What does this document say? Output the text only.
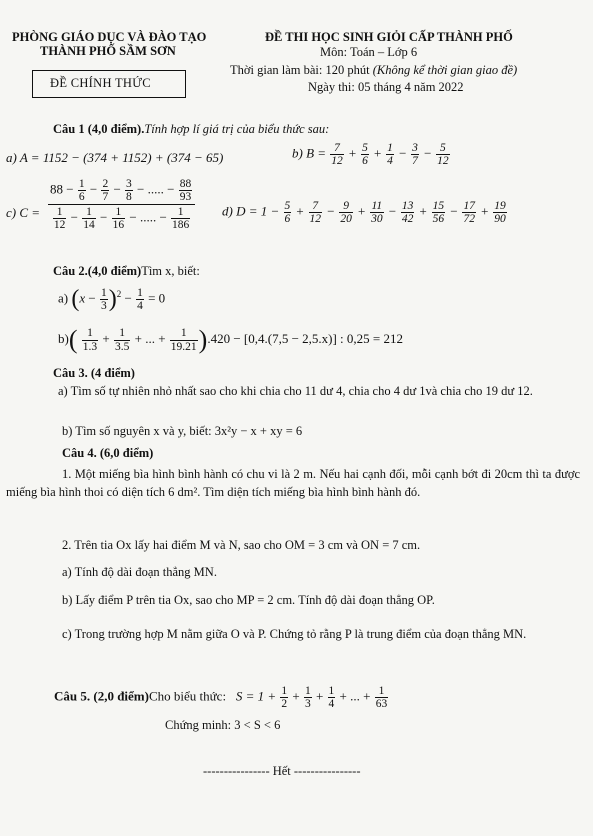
PHÒNG GIÁO DỤC VÀ ĐÀO TẠO
THÀNH PHỐ SẦM SƠN
ĐỀ CHÍNH THỨC
ĐỀ THI HỌC SINH GIỎI CẤP THÀNH PHỐ
Môn: Toán – Lớp 6
Thời gian làm bài: 120 phút (Không kể thời gian giao đề)
Ngày thi: 05 tháng 4 năm 2022
Câu 1 (4,0 điểm).Tính hợp lí giá trị của biểu thức sau:
a) A = 1152 − (374 + 1152) + (374 − 65)	b) $B = \frac{7}{12} + \frac{5}{6} + \frac{1}{4} - \frac{3}{7} - \frac{5}{12}$
c) $C = \frac{88 - \frac{1}{6} - \frac{2}{7} - \frac{3}{8} - ..... - \frac{88}{93}}{\frac{1}{12} - \frac{1}{14} - \frac{1}{16} - ..... - \frac{1}{186}} d$) $D = 1 - \frac{5}{6} + \frac{7}{12} - \frac{9}{20} + \frac{11}{30} - \frac{13}{42} + \frac{15}{56} - \frac{17}{72} + \frac{19}{90}$
Câu 2.(4,0 điểm)Tìm x, biết:
a) $(x - \frac{1}{3} )^2 - \frac{1}{4} = 0$
$b)( \frac{1}{1.3} + \frac{1}{3.5}$ + ... + $\frac{1}{19.21} ).420 - [0,4.(7,5 - 2,5.x)]$ : 0,25 = 212
Câu 3. (4 điểm)
a) Tìm số tự nhiên nhỏ nhất sao cho khi chia cho 11 dư 4, chia cho 4 dư 1và chia cho 19 dư 12.
b) Tìm số nguyên x và y, biết: 3x²y − x + xy = 6
Câu 4. (6,0 điểm)
1. Một miếng bìa hình bình hành có chu vi là 2 m. Nếu hai cạnh đối, mỗi cạnh bớt đi 20cm thì ta được miếng bìa hình thoi có diện tích 6 dm². Tìm diện tích miếng bìa hình bình hành đó.
2. Trên tia Ox lấy hai điểm M và N, sao cho OM = 3 cm và ON = 7 cm.
a) Tính độ dài đoạn thẳng MN.
b) Lấy điểm P trên tia Ox, sao cho MP = 2 cm. Tính độ dài đoạn thẳng OP.
c) Trong trường hợp M nằm giữa O và P. Chứng tỏ rằng P là trung điểm của đoạn thẳng MN.
Câu 5. (2,0 điểm)Cho biểu thức: $S = 1 + \frac{1}{2} + \frac{1}{3} + \frac{1}{4}$ + ... + $\frac{1}{63}$
Chứng minh: 3 < S < 6
---------------- Hết ----------------
